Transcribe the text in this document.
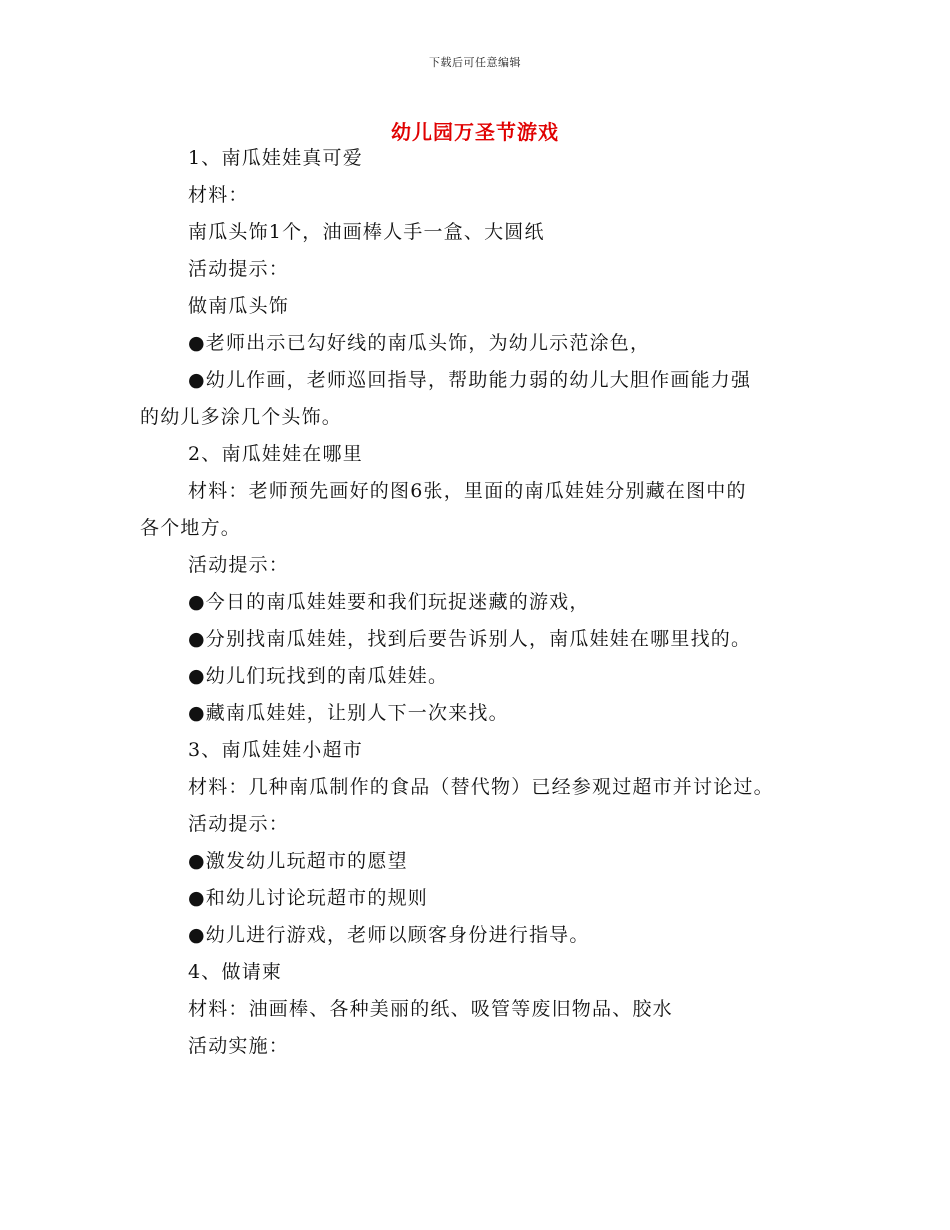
下载后可任意编辑
幼儿园万圣节游戏

1、南瓜娃娃真可爱

材料：

南瓜头饰1个，油画棒人手一盒、大圆纸

活动提示：

做南瓜头饰

●老师出示已勾好线的南瓜头饰，为幼儿示范涂色，

●幼儿作画，老师巡回指导，帮助能力弱的幼儿大胆作画能力强的幼儿多涂几个头饰。

2、南瓜娃娃在哪里

材料：老师预先画好的图6张，里面的南瓜娃娃分别藏在图中的各个地方。

活动提示：

●今日的南瓜娃娃要和我们玩捉迷藏的游戏，

●分别找南瓜娃娃，找到后要告诉别人，南瓜娃娃在哪里找的。

●幼儿们玩找到的南瓜娃娃。

●藏南瓜娃娃，让别人下一次来找。

3、南瓜娃娃小超市

材料：几种南瓜制作的食品（替代物）已经参观过超市并讨论过。

活动提示：

●激发幼儿玩超市的愿望

●和幼儿讨论玩超市的规则

●幼儿进行游戏，老师以顾客身份进行指导。

4、做请柬

材料：油画棒、各种美丽的纸、吸管等废旧物品、胶水

活动实施：
